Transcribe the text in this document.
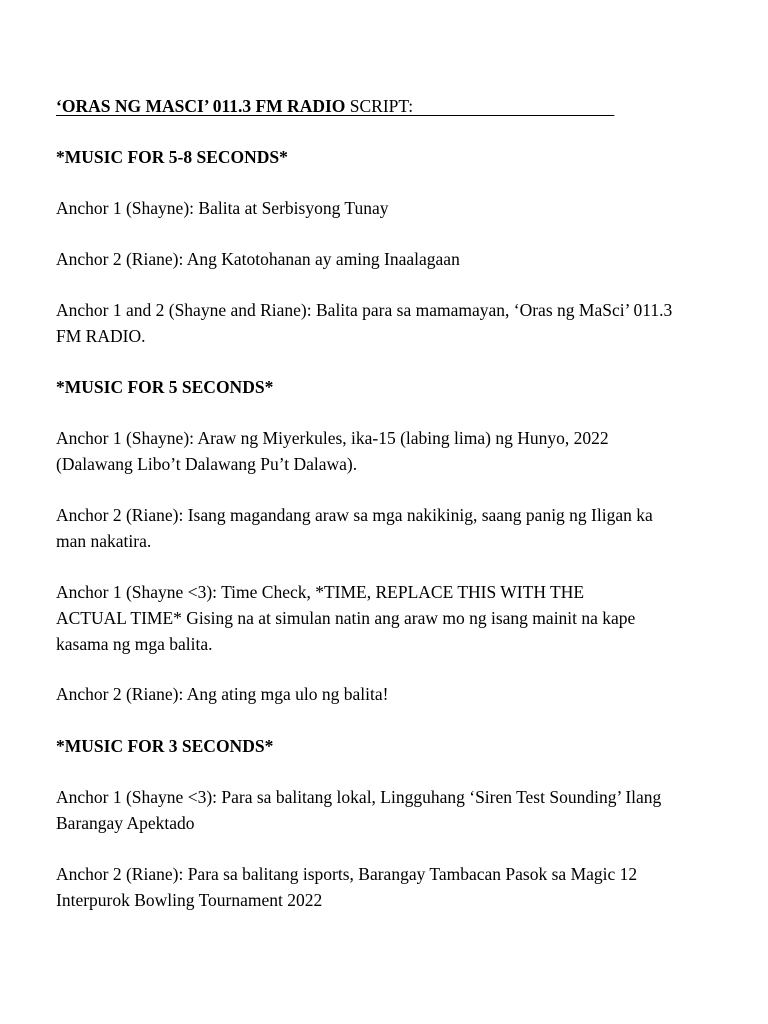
‘ORAS NG MASCI’ 011.3 FM RADIO SCRIPT:

*MUSIC FOR 5-8 SECONDS*

Anchor 1 (Shayne): Balita at Serbisyong Tunay

Anchor 2 (Riane): Ang Katotohanan ay aming Inaalagaan

Anchor 1 and 2 (Shayne and Riane): Balita para sa mamamayan, ‘Oras ng MaSci’ 011.3 FM RADIO.

*MUSIC FOR 5 SECONDS*

Anchor 1 (Shayne): Araw ng Miyerkules, ika-15 (labing lima) ng Hunyo, 2022 (Dalawang Libo’t Dalawang Pu’t Dalawa).

Anchor 2 (Riane): Isang magandang araw sa mga nakikinig, saang panig ng Iligan ka man nakatira.

Anchor 1 (Shayne <3): Time Check, *TIME, REPLACE THIS WITH THE ACTUAL TIME* Gising na at simulan natin ang araw mo ng isang mainit na kape kasama ng mga balita.

Anchor 2 (Riane): Ang ating mga ulo ng balita!

*MUSIC FOR 3 SECONDS*

Anchor 1 (Shayne <3): Para sa balitang lokal, Lingguhang ‘Siren Test Sounding’ Ilang Barangay Apektado

Anchor 2 (Riane): Para sa balitang isports, Barangay Tambacan Pasok sa Magic 12 Interpurok Bowling Tournament 2022
